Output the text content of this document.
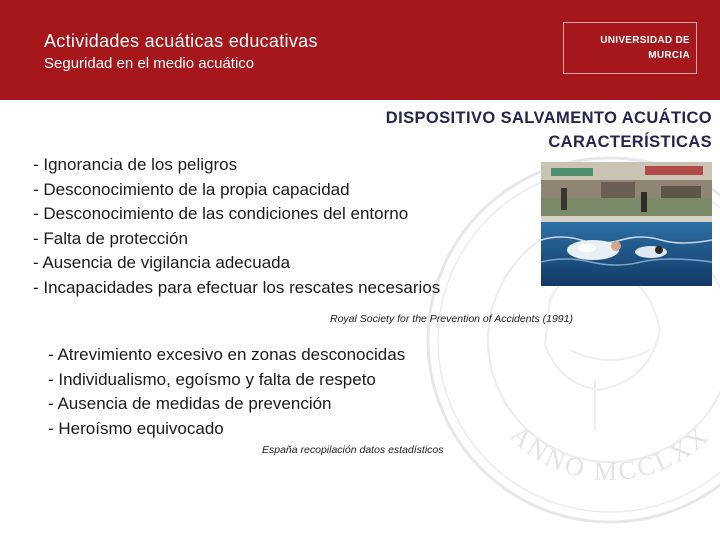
Actividades acuáticas educativas
Seguridad en el medio acuático
UNIVERSIDAD DE
MURCIA
ANNO MCCLXX
DISPOSITIVO SALVAMENTO ACUÁTICO
CARACTERÍSTICAS
- Ignorancia de los peligros
- Desconocimiento de la propia capacidad
- Desconocimiento de las condiciones del entorno
- Falta de protección
- Ausencia de vigilancia adecuada
- Incapacidades para efectuar los rescates necesarios
Royal Society for the Prevention of Accidents (1991)
- Atrevimiento excesivo en zonas desconocidas
- Individualismo, egoísmo y falta de respeto
- Ausencia de medidas de prevención
- Heroísmo equivocado
España recopilación datos estadísticos
